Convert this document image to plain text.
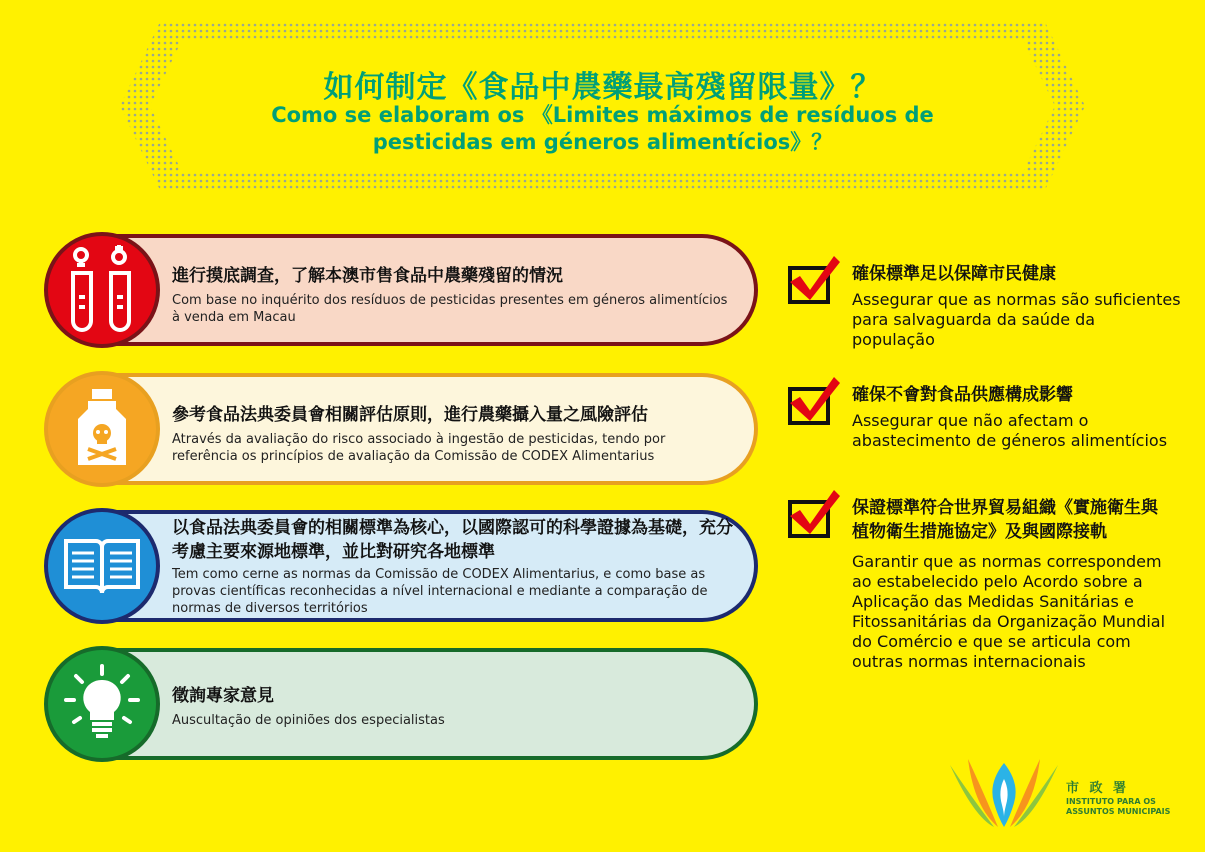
如何制定《食品中農藥最高殘留限量》？
Como se elaboram os 《Limites máximos de resíduos de pesticidas em géneros alimentícios》？
進行摸底調查，了解本澳市售食品中農藥殘留的情況
Com base no inquérito dos resíduos de pesticidas presentes em géneros alimentícios à venda em Macau
參考食品法典委員會相關評估原則，進行農藥攝入量之風險評估
Através da avaliação do risco associado à ingestão de pesticidas, tendo por referência os princípios de avaliação da Comissão de CODEX Alimentarius
以食品法典委員會的相關標準為核心，以國際認可的科學證據為基礎，充分考慮主要來源地標準，並比對研究各地標準
Tem como cerne as normas da Comissão de CODEX Alimentarius, e como base as provas científicas reconhecidas a nível internacional e mediante a comparação de normas de diversos territórios
徵詢專家意見
Auscultação de opiniões dos especialistas
確保標準足以保障市民健康
Assegurar que as normas são suficientes para salvaguarda da saúde da população
確保不會對食品供應構成影響
Assegurar que não afectam o abastecimento de géneros alimentícios
保證標準符合世界貿易組織《實施衛生與植物衛生措施協定》及與國際接軌
Garantir que as normas correspondem ao estabelecido pelo Acordo sobre a Aplicação das Medidas Sanitárias e Fitossanitárias da Organização Mundial do Comércio e que se articula com outras normas internacionais
市 政 署
INSTITUTO PARA OS ASSUNTOS MUNICIPAIS
